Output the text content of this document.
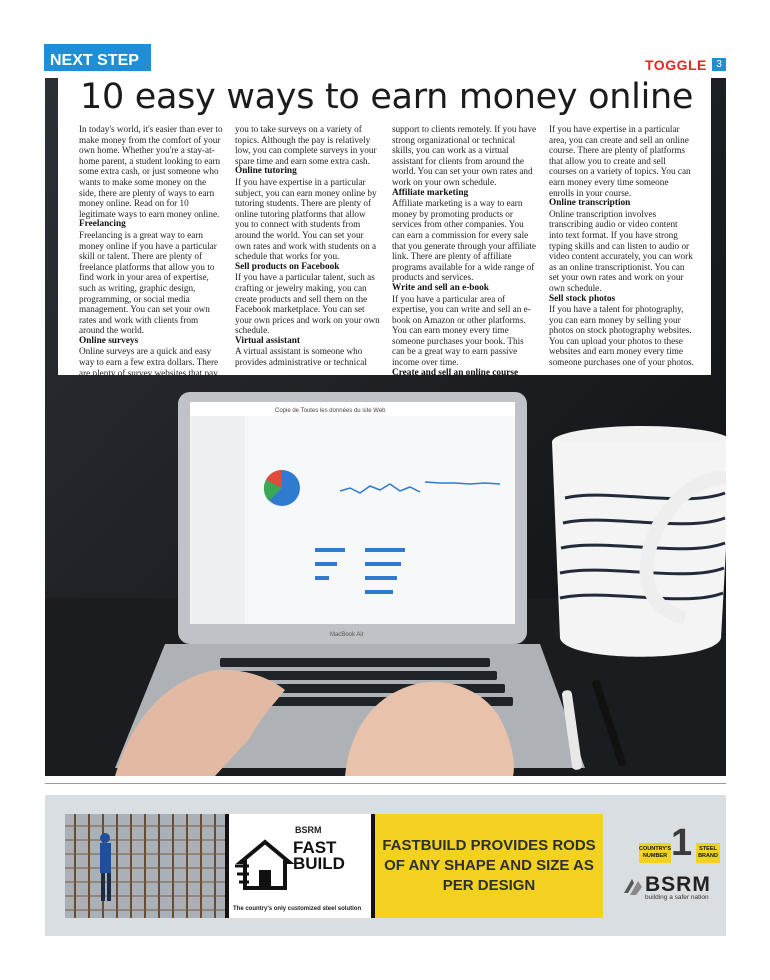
NEXT STEP	TOGGLE 3
Copie de Toutes les données du site Web
MacBook Air
10 easy ways to earn money online

In today's world, it's easier than ever to make money from the comfort of your own home. Whether you're a stay-at-home parent, a student looking to earn some extra cash, or just someone who wants to make some money on the side, there are plenty of ways to earn money online. Read on for 10 legitimate ways to earn money online.

Freelancing

Freelancing is a great way to earn money online if you have a particular skill or talent. There are plenty of freelance platforms that allow you to find work in your area of expertise, such as writing, graphic design, programming, or social media management. You can set your own rates and work with clients from around the world.

Online surveys

Online surveys are a quick and easy way to earn a few extra dollars. There are plenty of survey websites that pay

you to take surveys on a variety of topics. Although the pay is relatively low, you can complete surveys in your spare time and earn some extra cash.

Online tutoring

If you have expertise in a particular subject, you can earn money online by tutoring students. There are plenty of online tutoring platforms that allow you to connect with students from around the world. You can set your own rates and work with students on a schedule that works for you.

Sell products on Facebook

If you have a particular talent, such as crafting or jewelry making, you can create products and sell them on the Facebook marketplace. You can set your own prices and work on your own schedule.

Virtual assistant

A virtual assistant is someone who provides administrative or technical

support to clients remotely. If you have strong organizational or technical skills, you can work as a virtual assistant for clients from around the world. You can set your own rates and work on your own schedule.

Affiliate marketing

Affiliate marketing is a way to earn money by promoting products or services from other companies. You can earn a commission for every sale that you generate through your affiliate link. There are plenty of affiliate programs available for a wide range of products and services.

Write and sell an e-book

If you have a particular area of expertise, you can write and sell an e-book on Amazon or other platforms. You can earn money every time someone purchases your book. This can be a great way to earn passive income over time.

Create and sell an online course

If you have expertise in a particular area, you can create and sell an online course. There are plenty of platforms that allow you to create and sell courses on a variety of topics. You can earn money every time someone enrolls in your course.

Online transcription

Online transcription involves transcribing audio or video content into text format. If you have strong typing skills and can listen to audio or video content accurately, you can work as an online transcriptionist. You can set your own rates and work on your own schedule.

Sell stock photos

If you have a talent for photography, you can earn money by selling your photos on stock photography websites. You can upload your photos to these websites and earn money every time someone purchases one of your photos.

BSRM
FAST
BUILD
The country's only customized steel solution
FASTBUILD PROVIDES RODS OF ANY SHAPE AND SIZE AS PER DESIGN
COUNTRY'S NUMBER 1	STEEL BRAND
BSRM
building a safer nation
